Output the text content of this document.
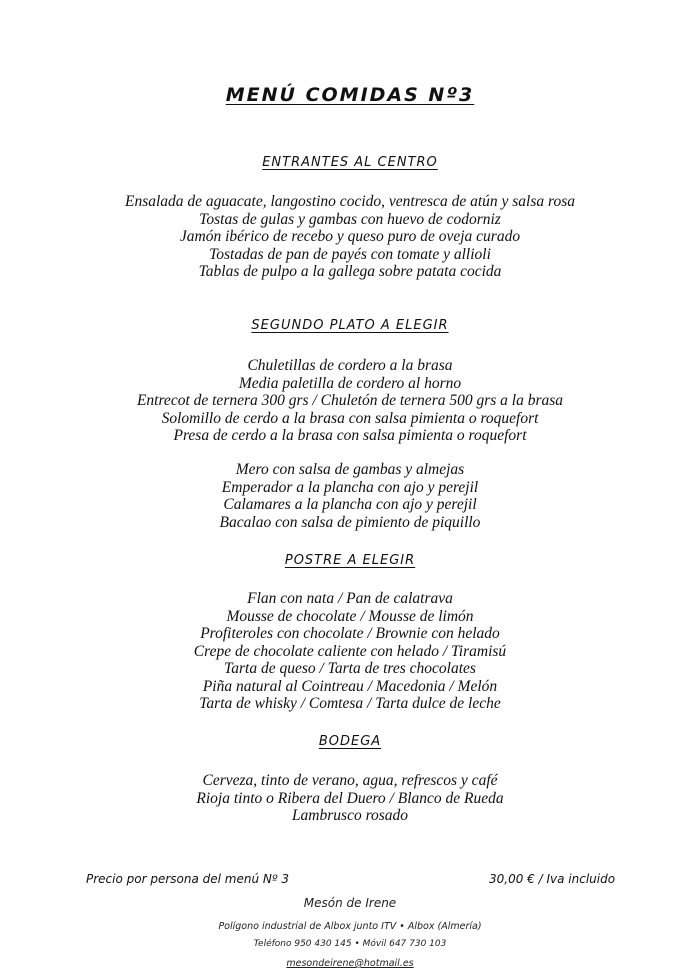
MENÚ COMIDAS Nº3
ENTRANTES AL CENTRO
Ensalada de aguacate, langostino cocido, ventresca de atún y salsa rosa
Tostas de gulas y gambas con huevo de codorniz
Jamón ibérico de recebo y queso puro de oveja curado
Tostadas de pan de payés con tomate y allioli
Tablas de pulpo a la gallega sobre patata cocida
SEGUNDO PLATO A ELEGIR
Chuletillas de cordero a la brasa
Media paletilla de cordero al horno
Entrecot de ternera 300 grs / Chuletón de ternera 500 grs a la brasa
Solomillo de cerdo a la brasa con salsa pimienta o roquefort
Presa de cerdo a la brasa con salsa pimienta o roquefort
Mero con salsa de gambas y almejas
Emperador a la plancha con ajo y perejil
Calamares a la plancha con ajo y perejil
Bacalao con salsa de pimiento de piquillo
POSTRE A ELEGIR
Flan con nata / Pan de calatrava
Mousse de chocolate / Mousse de limón
Profiteroles con chocolate / Brownie con helado
Crepe de chocolate caliente con helado / Tiramisú
Tarta de queso / Tarta de tres chocolates
Piña natural al Cointreau / Macedonia / Melón
Tarta de whisky / Comtesa / Tarta dulce de leche
BODEGA
Cerveza, tinto de verano, agua, refrescos y café
Rioja tinto o Ribera del Duero / Blanco de Rueda
Lambrusco rosado
Precio por persona del menú Nº 3	30,00 € / Iva incluido
Mesón de Irene
Polígono industrial de Albox junto ITV • Albox (Almería)
Teléfono 950 430 145 • Móvil 647 730 103
mesondeirene@hotmail.es
